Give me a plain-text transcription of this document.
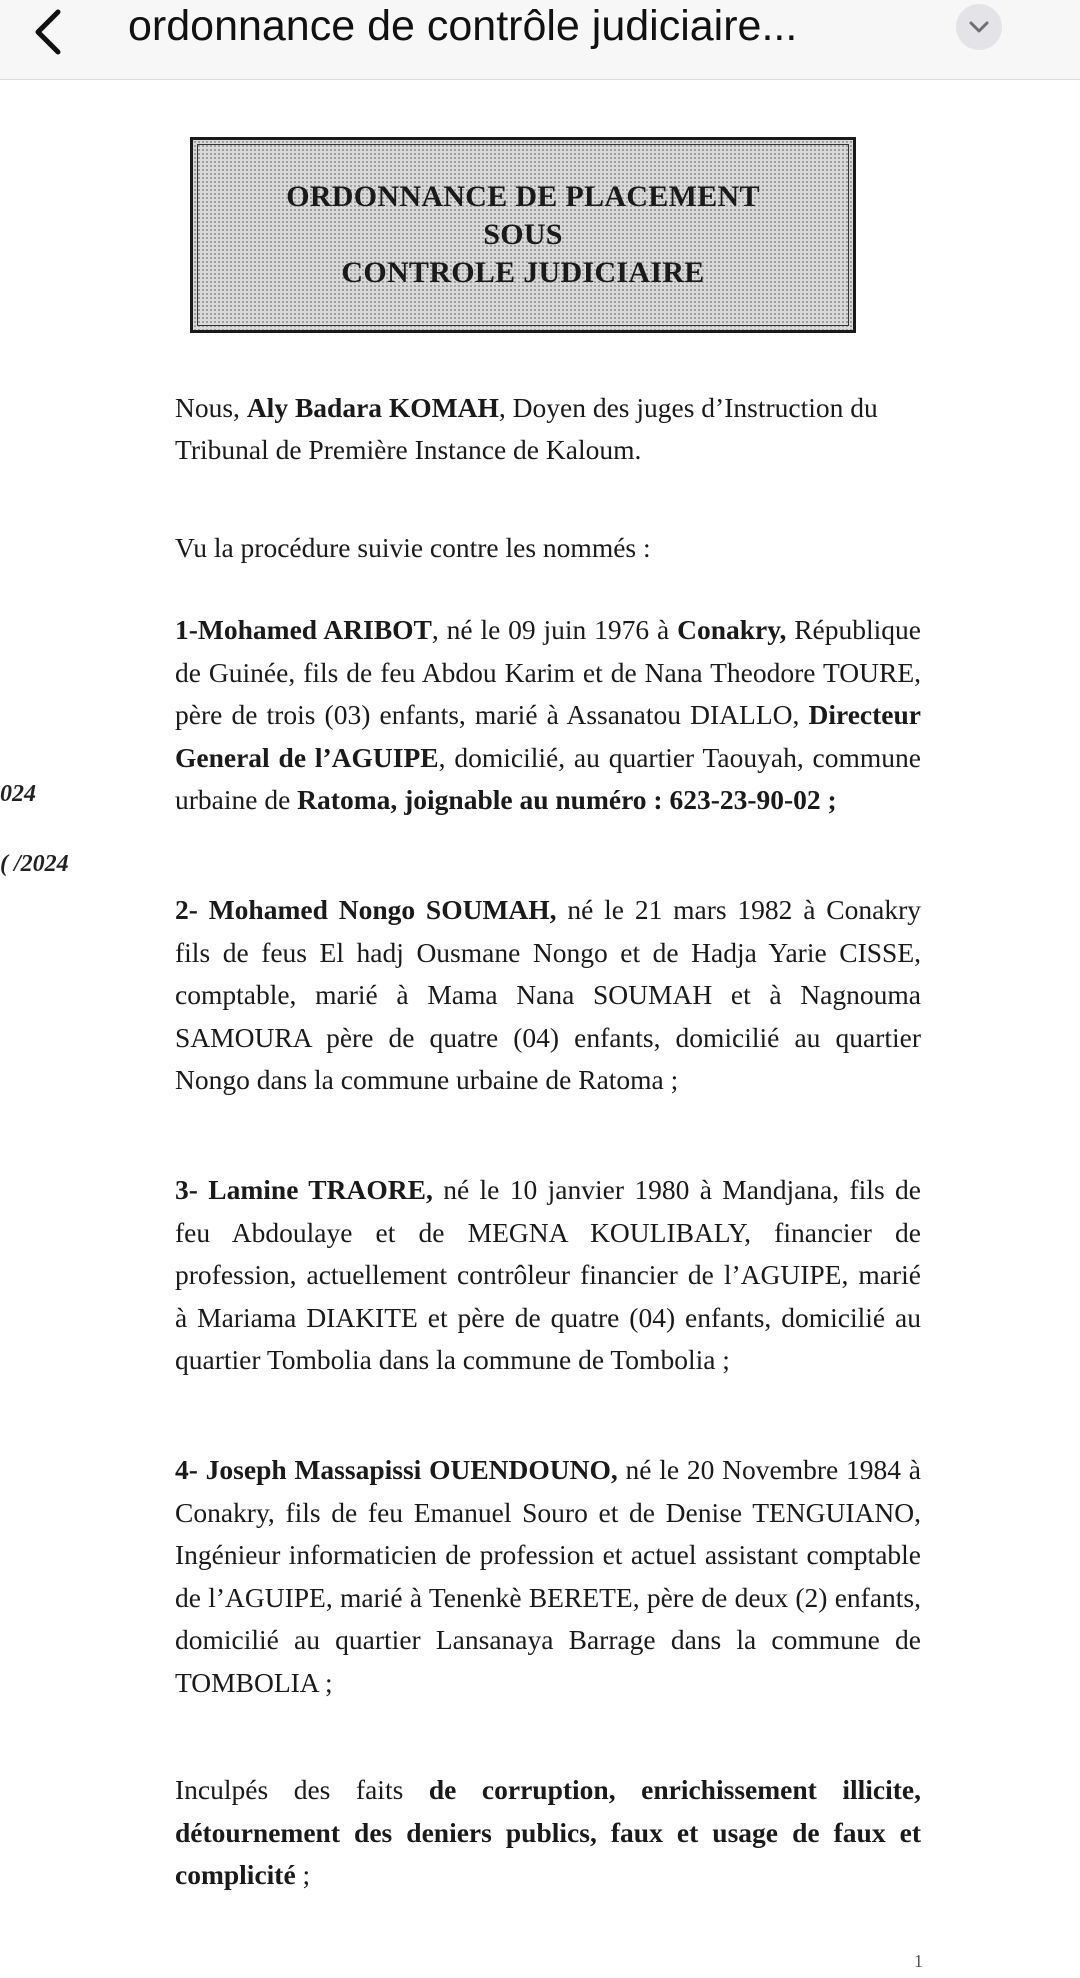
ordonnance de contrôle judiciaire...
ORDONNANCE DE PLACEMENT SOUS
CONTROLE JUDICIAIRE
Nous, Aly Badara KOMAH, Doyen des juges d’Instruction du Tribunal de Première Instance de Kaloum.
Vu la procédure suivie contre les nommés :
1-Mohamed ARIBOT, né le 09 juin 1976 à Conakry, République de Guinée, fils de feu Abdou Karim et de Nana Theodore TOURE, père de trois (03) enfants, marié à Assanatou DIALLO, Directeur General de l’AGUIPE, domicilié, au quartier Taouyah, commune urbaine de Ratoma, joignable au numéro : 623-23-90-02 ;
2- Mohamed Nongo SOUMAH, né le 21 mars 1982 à Conakry fils de feus El hadj Ousmane Nongo et de Hadja Yarie CISSE, comptable, marié à Mama Nana SOUMAH et à Nagnouma SAMOURA père de quatre (04) enfants, domicilié au quartier Nongo dans la commune urbaine de Ratoma ;
3- Lamine TRAORE, né le 10 janvier 1980 à Mandjana, fils de feu Abdoulaye et de MEGNA KOULIBALY, financier de profession, actuellement contrôleur financier de l’AGUIPE, marié à Mariama DIAKITE et père de quatre (04) enfants, domicilié au quartier Tombolia dans la commune de Tombolia ;
4- Joseph Massapissi OUENDOUNO, né le 20 Novembre 1984 à Conakry, fils de feu Emanuel Souro et de Denise TENGUIANO, Ingénieur informaticien de profession et actuel assistant comptable de l’AGUIPE, marié à Tenenkè BERETE, père de deux (2) enfants, domicilié au quartier Lansanaya Barrage dans la commune de TOMBOLIA ;
Inculpés des faits de corruption, enrichissement illicite, détournement des deniers publics, faux et usage de faux et complicité ;
024
( /2024
1
